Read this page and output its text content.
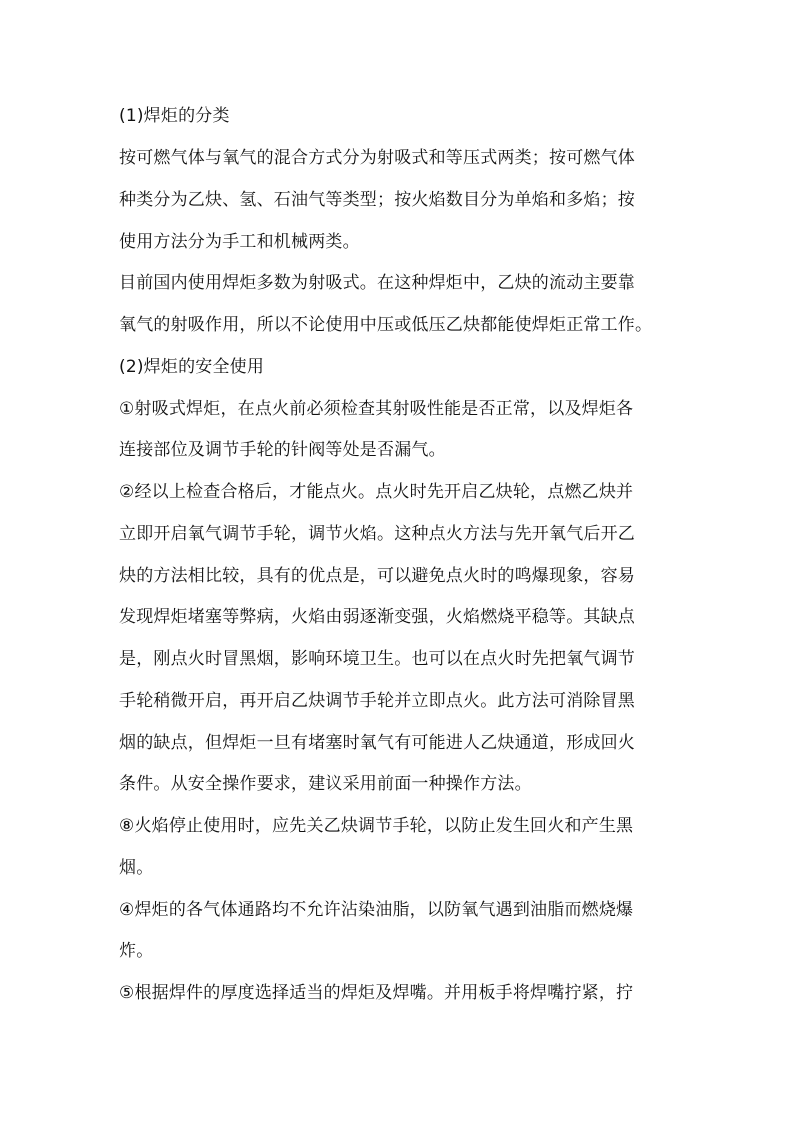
(1)焊炬的分类
按可燃气体与氧气的混合方式分为射吸式和等压式两类；按可燃气体
种类分为乙炔、氢、石油气等类型；按火焰数目分为单焰和多焰；按
使用方法分为手工和机械两类。
目前国内使用焊炬多数为射吸式。在这种焊炬中，乙炔的流动主要靠
氧气的射吸作用，所以不论使用中压或低压乙炔都能使焊炬正常工作。
(2)焊炬的安全使用
①射吸式焊炬，在点火前必须检查其射吸性能是否正常，以及焊炬各
连接部位及调节手轮的针阀等处是否漏气。
②经以上检查合格后，才能点火。点火时先开启乙炔轮，点燃乙炔并
立即开启氧气调节手轮，调节火焰。这种点火方法与先开氧气后开乙
炔的方法相比较，具有的优点是，可以避免点火时的鸣爆现象，容易
发现焊炬堵塞等弊病，火焰由弱逐渐变强，火焰燃烧平稳等。其缺点
是，刚点火时冒黑烟，影响环境卫生。也可以在点火时先把氧气调节
手轮稍微开启，再开启乙炔调节手轮并立即点火。此方法可消除冒黑
烟的缺点，但焊炬一旦有堵塞时氧气有可能进人乙炔通道，形成回火
条件。从安全操作要求，建议采用前面一种操作方法。
⑧火焰停止使用时，应先关乙炔调节手轮，以防止发生回火和产生黑
烟。
④焊炬的各气体通路均不允许沾染油脂，以防氧气遇到油脂而燃烧爆
炸。
⑤根据焊件的厚度选择适当的焊炬及焊嘴。并用板手将焊嘴拧紧，拧
